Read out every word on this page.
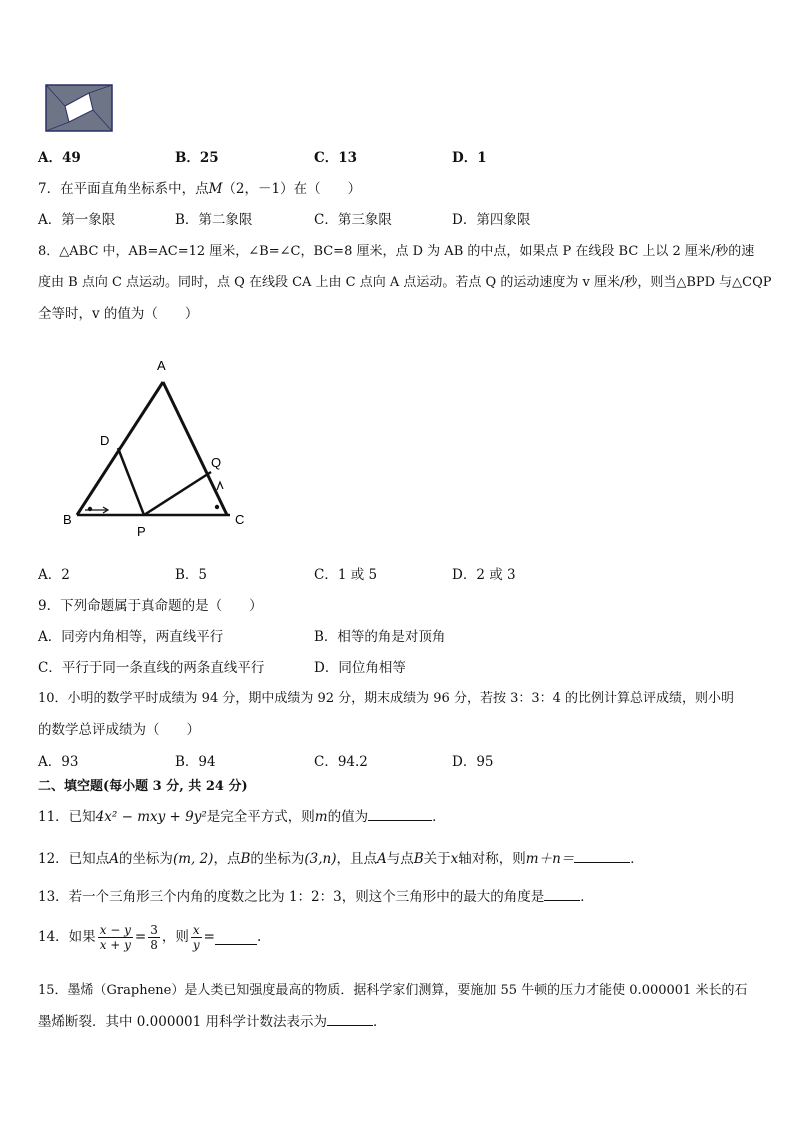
A．49	B．25	C．13	D．1
7．在平面直角坐标系中，点M（2，－1）在（　　）
A．第一象限	B．第二象限	C．第三象限	D．第四象限
8．△ABC 中，AB=AC=12 厘米，∠B=∠C，BC=8 厘米，点 D 为 AB 的中点，如果点 P 在线段 BC 上以 2 厘米/秒的速
度由 B 点向 C 点运动。同时，点 Q 在线段 CA 上由 C 点向 A 点运动。若点 Q 的运动速度为 v 厘米/秒，则当△BPD 与△CQP
全等时，v 的值为（　　）
A
B	C
D
P
Q
A．2	B．5	C．1 或 5	D．2 或 3
9．下列命题属于真命题的是（　　）
A．同旁内角相等，两直线平行	B．相等的角是对顶角
C．平行于同一条直线的两条直线平行	D．同位角相等
10．小明的数学平时成绩为 94 分，期中成绩为 92 分，期末成绩为 96 分，若按 3：3：4 的比例计算总评成绩，则小明
的数学总评成绩为（　　）
A．93	B．94	C．94.2	D．95
二、填空题(每小题 3 分, 共 24 分)
11．已知4x² − mxy + 9y²是完全平方式，则m的值为	．
12．已知点A的坐标为(m, 2)，点B的坐标为(3,n)，且点A与点B关于x轴对称，则m＋n＝	．
13．若一个三角形三个内角的度数之比为 1：2：3，则这个三角形中的最大的角度是	．
14．如果 $\frac{x - y}{x + y} = \frac{3}{8}$ ，则 $\frac{x}{y}$ =	.
15．墨烯（Graphene）是人类已知强度最高的物质．据科学家们测算，要施加 55 牛顿的压力才能使 0.000001 米长的石
墨烯断裂．其中 0.000001 用科学计数法表示为	．
